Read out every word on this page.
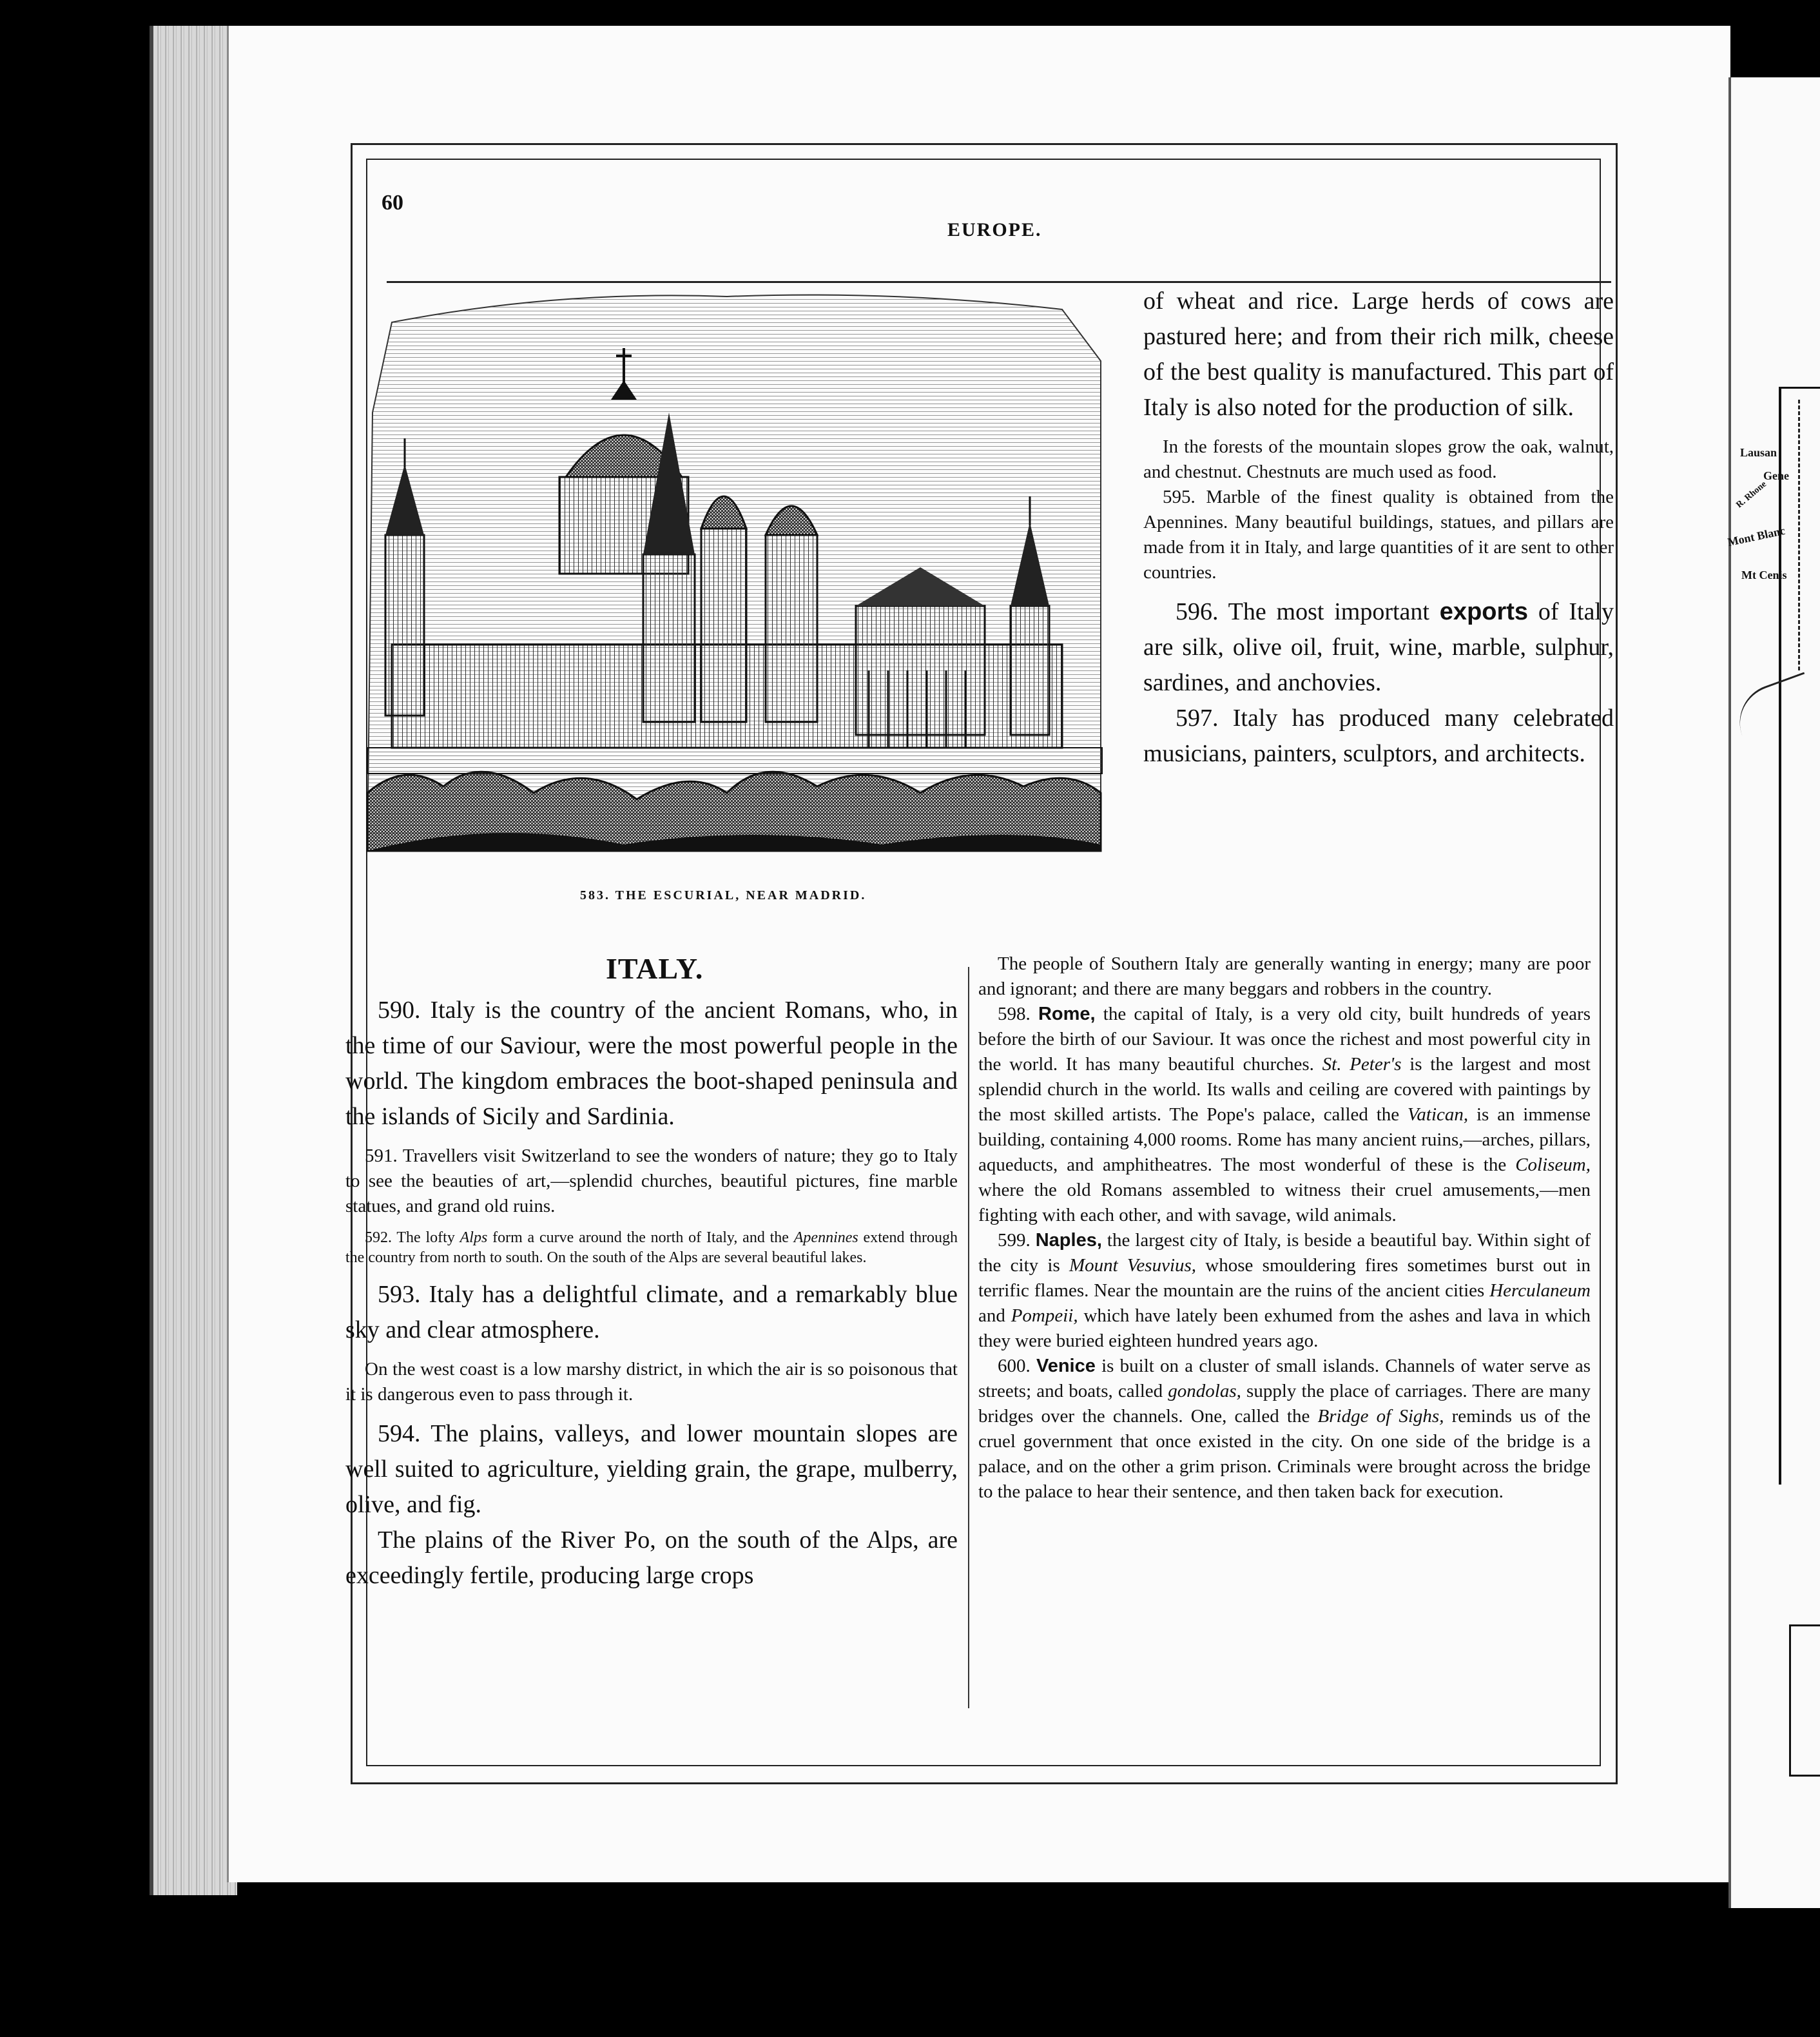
Lausan
Gene
R. Rhone
Mont Blanc
Mt Cenis
60
EUROPE.
583. THE ESCURIAL, NEAR MADRID.

of wheat and rice. Large herds of cows are pastured here; and from their rich milk, cheese of the best quality is manufactured. This part of Italy is also noted for the production of silk.

In the forests of the mountain slopes grow the oak, walnut, and chestnut. Chestnuts are much used as food.

595. Marble of the finest quality is obtained from the Apennines. Many beautiful buildings, statues, and pillars are made from it in Italy, and large quantities of it are sent to other countries.

596. The most important exports of Italy are silk, olive oil, fruit, wine, marble, sulphur, sardines, and anchovies.

597. Italy has produced many celebrated musicians, painters, sculptors, and architects.

ITALY.

590. Italy is the country of the ancient Romans, who, in the time of our Saviour, were the most powerful people in the world. The kingdom embraces the boot-shaped peninsula and the islands of Sicily and Sardinia.

591. Travellers visit Switzerland to see the wonders of nature; they go to Italy to see the beauties of art,—splendid churches, beautiful pictures, fine marble statues, and grand old ruins.

592. The lofty Alps form a curve around the north of Italy, and the Apennines extend through the country from north to south. On the south of the Alps are several beautiful lakes.

593. Italy has a delightful climate, and a remarkably blue sky and clear atmosphere.

On the west coast is a low marshy district, in which the air is so poisonous that it is dangerous even to pass through it.

594. The plains, valleys, and lower mountain slopes are well suited to agriculture, yielding grain, the grape, mulberry, olive, and fig.

The plains of the River Po, on the south of the Alps, are exceedingly fertile, producing large crops

The people of Southern Italy are generally wanting in energy; many are poor and ignorant; and there are many beggars and robbers in the country.

598. Rome, the capital of Italy, is a very old city, built hundreds of years before the birth of our Saviour. It was once the richest and most powerful city in the world. It has many beautiful churches. St. Peter's is the largest and most splendid church in the world. Its walls and ceiling are covered with paintings by the most skilled artists. The Pope's palace, called the Vatican, is an immense building, containing 4,000 rooms. Rome has many ancient ruins,—arches, pillars, aqueducts, and amphitheatres. The most wonderful of these is the Coliseum, where the old Romans assembled to witness their cruel amusements,—men fighting with each other, and with savage, wild animals.

599. Naples, the largest city of Italy, is beside a beautiful bay. Within sight of the city is Mount Vesuvius, whose smouldering fires sometimes burst out in terrific flames. Near the mountain are the ruins of the ancient cities Herculaneum and Pompeii, which have lately been exhumed from the ashes and lava in which they were buried eighteen hundred years ago.

600. Venice is built on a cluster of small islands. Channels of water serve as streets; and boats, called gondolas, supply the place of carriages. There are many bridges over the channels. One, called the Bridge of Sighs, reminds us of the cruel government that once existed in the city. On one side of the bridge is a palace, and on the other a grim prison. Criminals were brought across the bridge to the palace to hear their sentence, and then taken back for execution.
